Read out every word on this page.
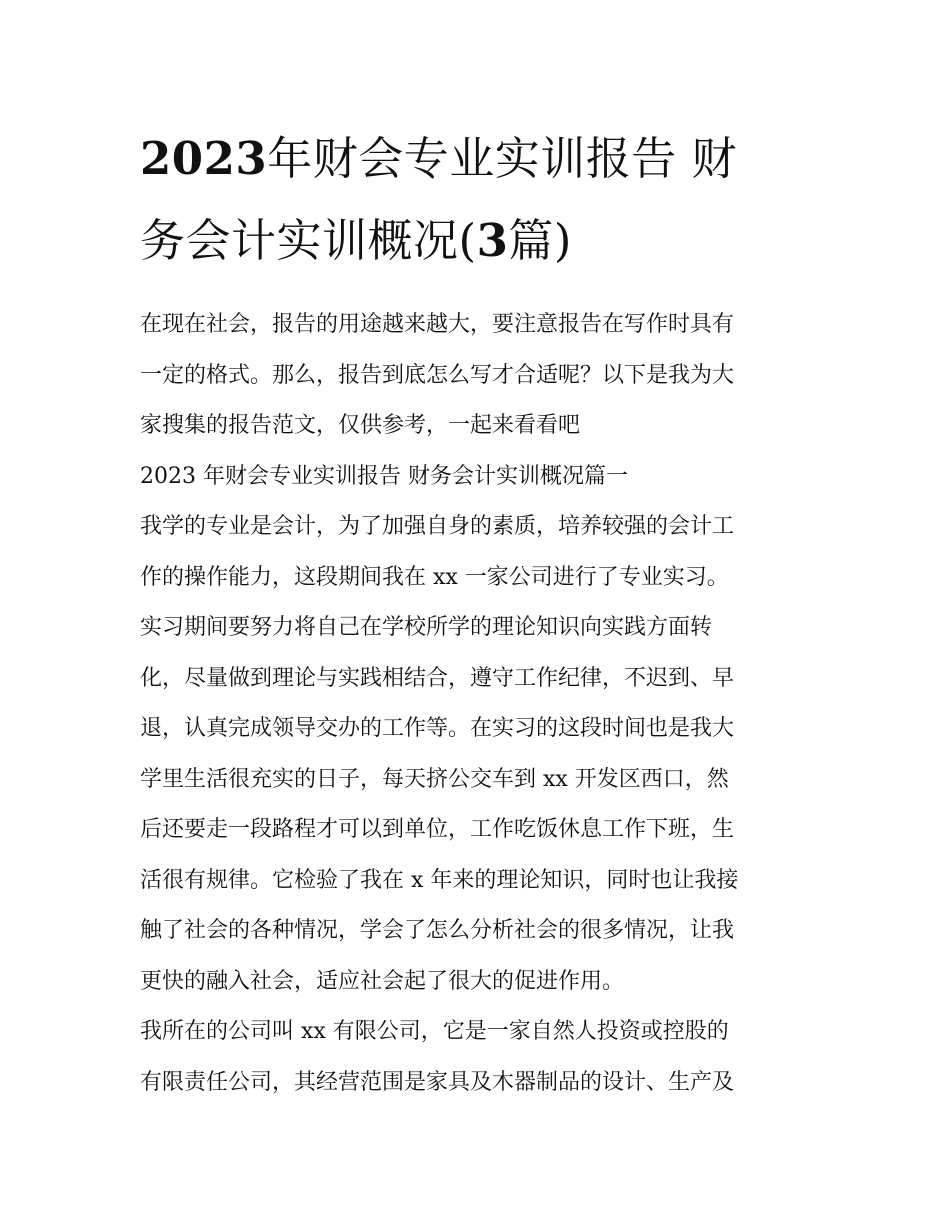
2023年财会专业实训报告 财
务会计实训概况(3篇)

在现在社会，报告的用途越来越大，要注意报告在写作时具有
一定的格式。那么，报告到底怎么写才合适呢？以下是我为大
家搜集的报告范文，仅供参考，一起来看看吧

2023 年财会专业实训报告 财务会计实训概况篇一

我学的专业是会计，为了加强自身的素质，培养较强的会计工
作的操作能力，这段期间我在 xx 一家公司进行了专业实习。

实习期间要努力将自己在学校所学的理论知识向实践方面转
化，尽量做到理论与实践相结合，遵守工作纪律，不迟到、早
退，认真完成领导交办的工作等。在实习的这段时间也是我大
学里生活很充实的日子，每天挤公交车到 xx 开发区西口，然
后还要走一段路程才可以到单位，工作吃饭休息工作下班，生
活很有规律。它检验了我在 x 年来的理论知识，同时也让我接
触了社会的各种情况，学会了怎么分析社会的很多情况，让我
更快的融入社会，适应社会起了很大的促进作用。

我所在的公司叫 xx 有限公司，它是一家自然人投资或控股的
有限责任公司，其经营范围是家具及木器制品的设计、生产及
